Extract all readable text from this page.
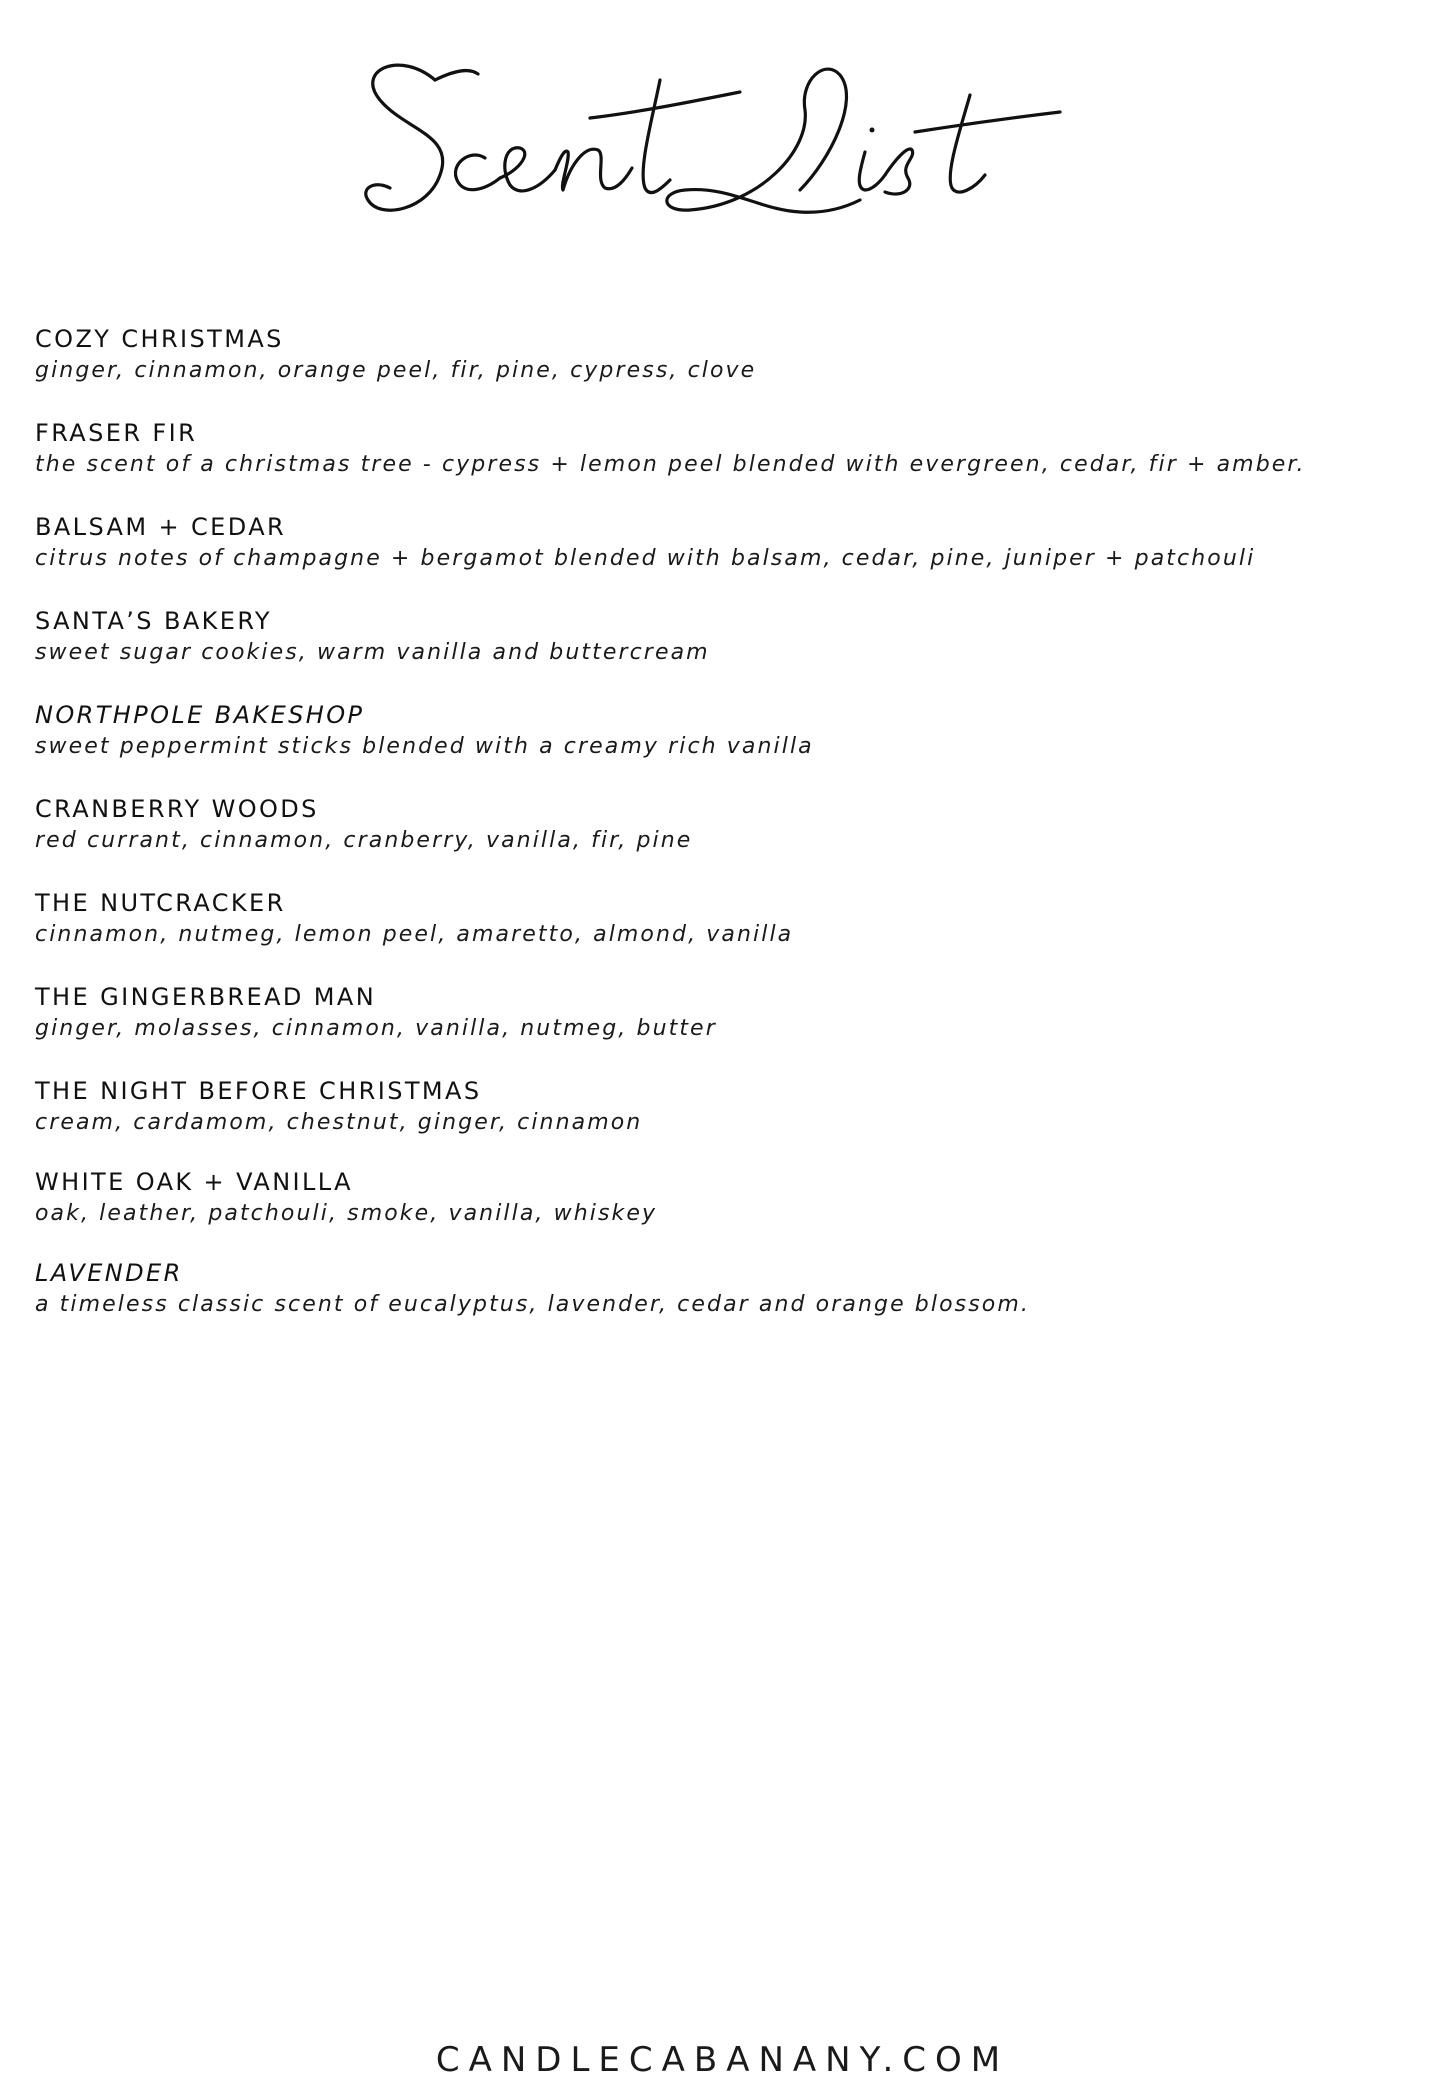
COZY CHRISTMAS
ginger, cinnamon, orange peel, fir, pine, cypress, clove
FRASER FIR
the scent of a christmas tree - cypress + lemon peel blended with evergreen, cedar, fir + amber.
BALSAM + CEDAR
citrus notes of champagne + bergamot blended with balsam, cedar, pine, juniper + patchouli
SANTA’S BAKERY
sweet sugar cookies, warm vanilla and buttercream
NORTHPOLE BAKESHOP
sweet peppermint sticks blended with a creamy rich vanilla
CRANBERRY WOODS
red currant, cinnamon, cranberry, vanilla, fir, pine
THE NUTCRACKER
cinnamon, nutmeg, lemon peel, amaretto, almond, vanilla
THE GINGERBREAD MAN
ginger, molasses, cinnamon, vanilla, nutmeg, butter
THE NIGHT BEFORE CHRISTMAS
cream, cardamom, chestnut, ginger, cinnamon
WHITE OAK + VANILLA
oak, leather, patchouli, smoke, vanilla, whiskey
LAVENDER
a timeless classic scent of eucalyptus, lavender, cedar and orange blossom.
CANDLECABANANY.COM
